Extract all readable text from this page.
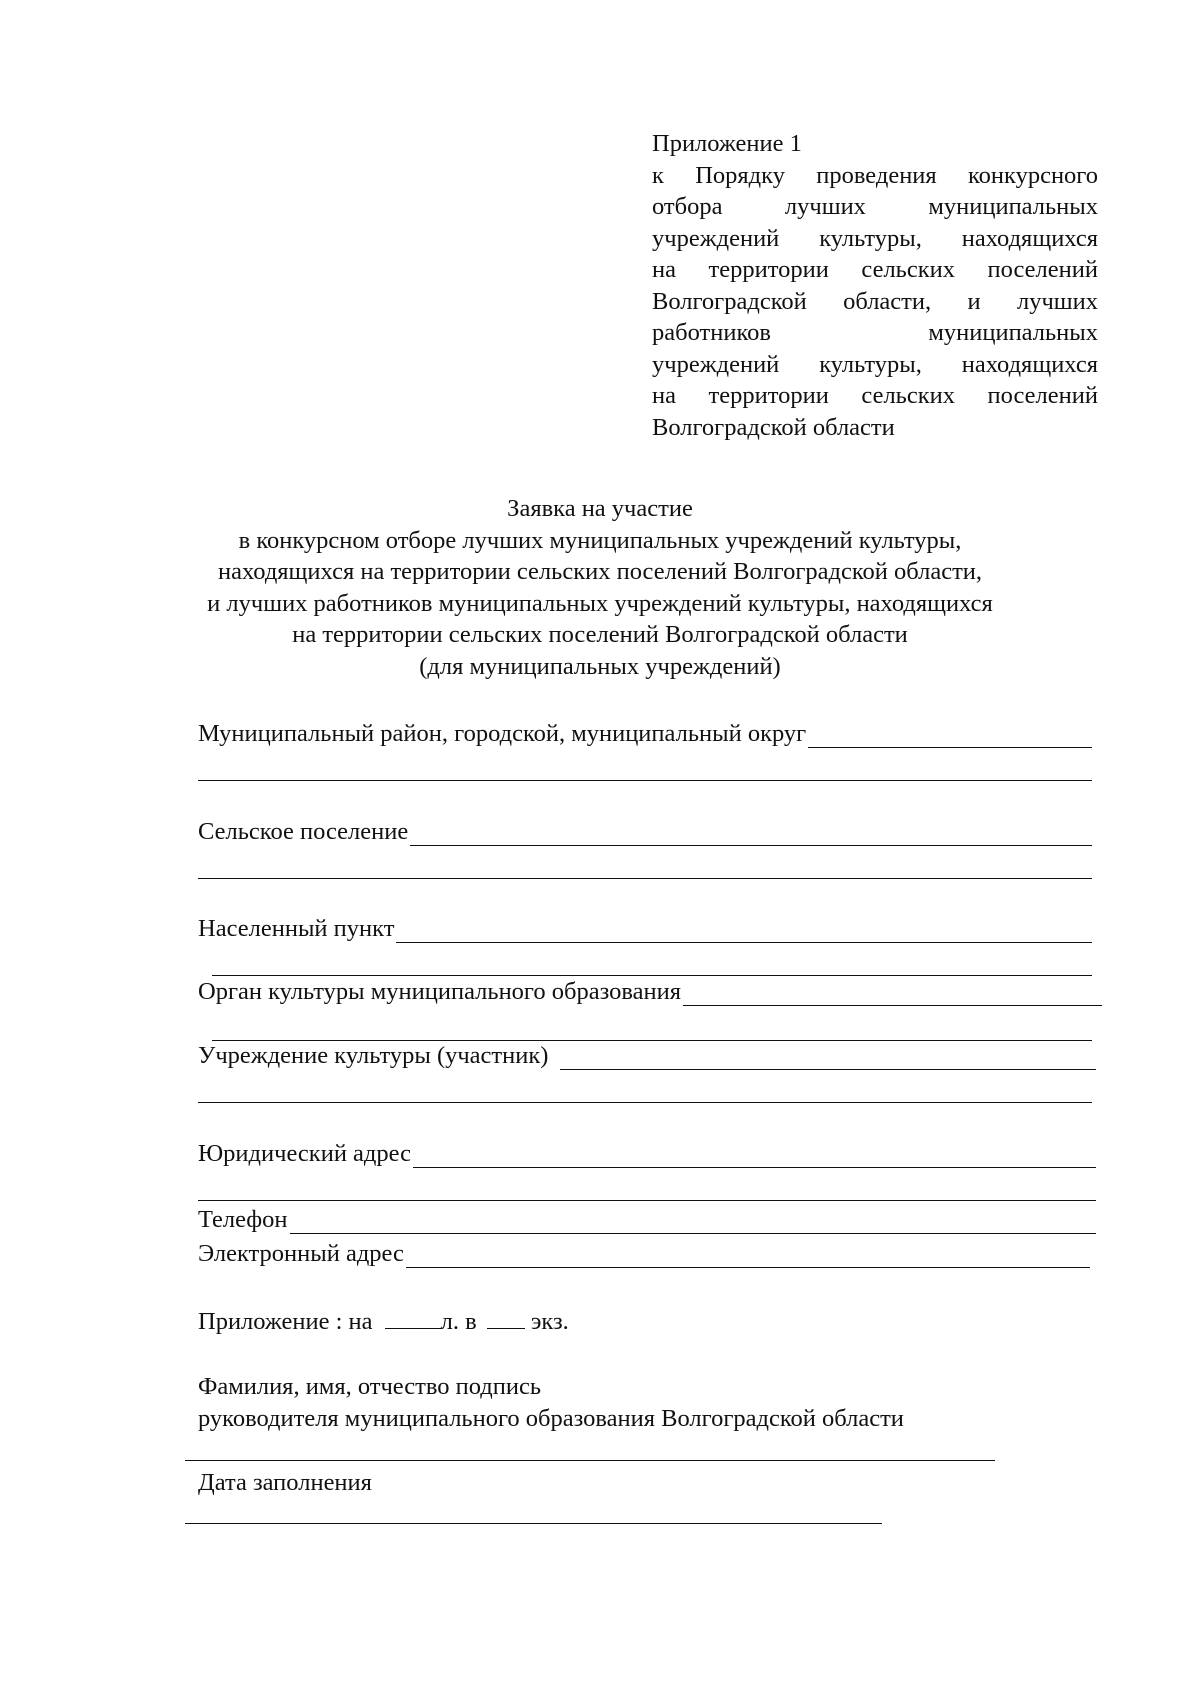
Приложение 1
к Порядку проведения конкурсного
отбора лучших муниципальных
учреждений культуры, находящихся
на территории сельских поселений
Волгоградской области, и лучших
работников муниципальных
учреждений культуры, находящихся
на территории сельских поселений
Волгоградской области
Заявка на участие
в конкурсном отборе лучших муниципальных учреждений культуры,
находящихся на территории сельских поселений Волгоградской области,
и лучших работников муниципальных учреждений культуры, находящихся
на территории сельских поселений Волгоградской области
(для муниципальных учреждений)
Муниципальный район, городской, муниципальный округ
Сельское поселение
Населенный пункт
Орган культуры муниципального образования
Учреждение культуры (участник)
Юридический адрес
Телефон
Электронный адрес
Приложение : на	л. в экз.
Фамилия, имя, отчество подпись
руководителя муниципального образования Волгоградской области
Дата заполнения
